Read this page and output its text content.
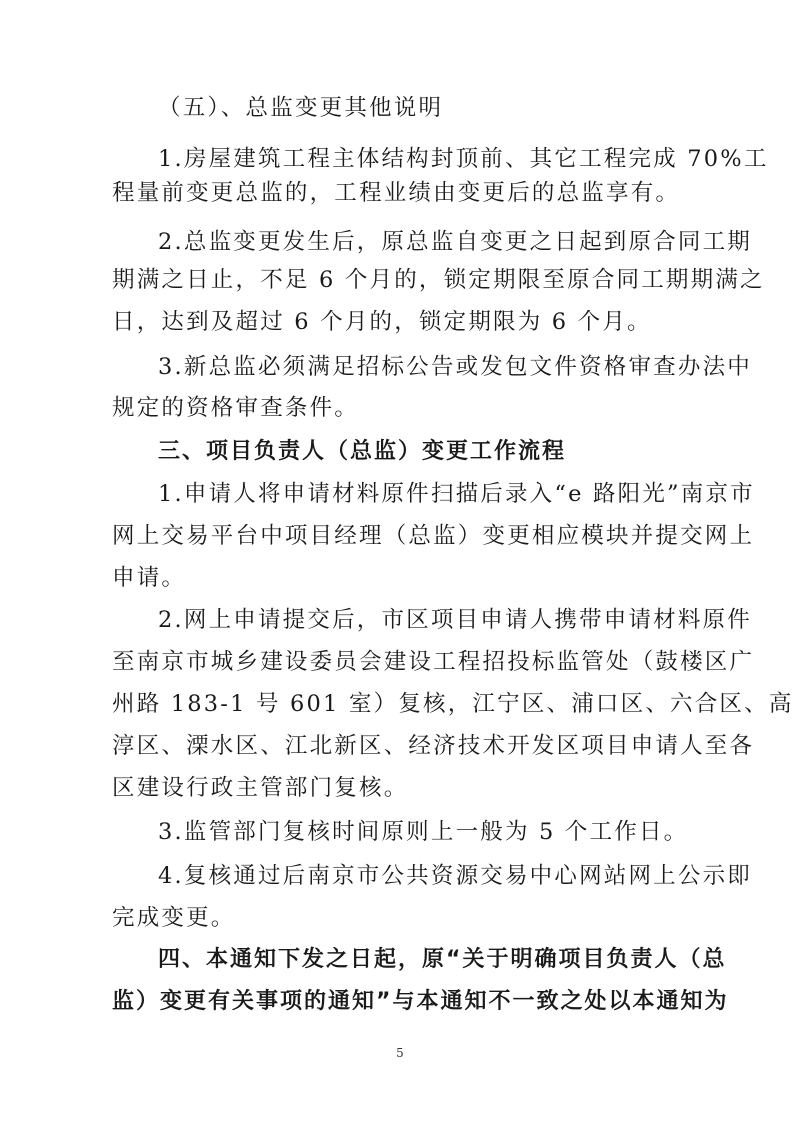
（五）、总监变更其他说明
1.房屋建筑工程主体结构封顶前、其它工程完成 70%工
程量前变更总监的，工程业绩由变更后的总监享有。
2.总监变更发生后，原总监自变更之日起到原合同工期
期满之日止，不足 6 个月的，锁定期限至原合同工期期满之
日，达到及超过 6 个月的，锁定期限为 6 个月。
3.新总监必须满足招标公告或发包文件资格审查办法中
规定的资格审查条件。
三、项目负责人（总监）变更工作流程
1.申请人将申请材料原件扫描后录入“e 路阳光”南京市
网上交易平台中项目经理（总监）变更相应模块并提交网上
申请。
2.网上申请提交后，市区项目申请人携带申请材料原件
至南京市城乡建设委员会建设工程招投标监管处（鼓楼区广
州路 183-1 号 601 室）复核，江宁区、浦口区、六合区、高
淳区、溧水区、江北新区、经济技术开发区项目申请人至各
区建设行政主管部门复核。
3.监管部门复核时间原则上一般为 5 个工作日。
4.复核通过后南京市公共资源交易中心网站网上公示即
完成变更。
四、本通知下发之日起，原“关于明确项目负责人（总
监）变更有关事项的通知”与本通知不一致之处以本通知为
5
